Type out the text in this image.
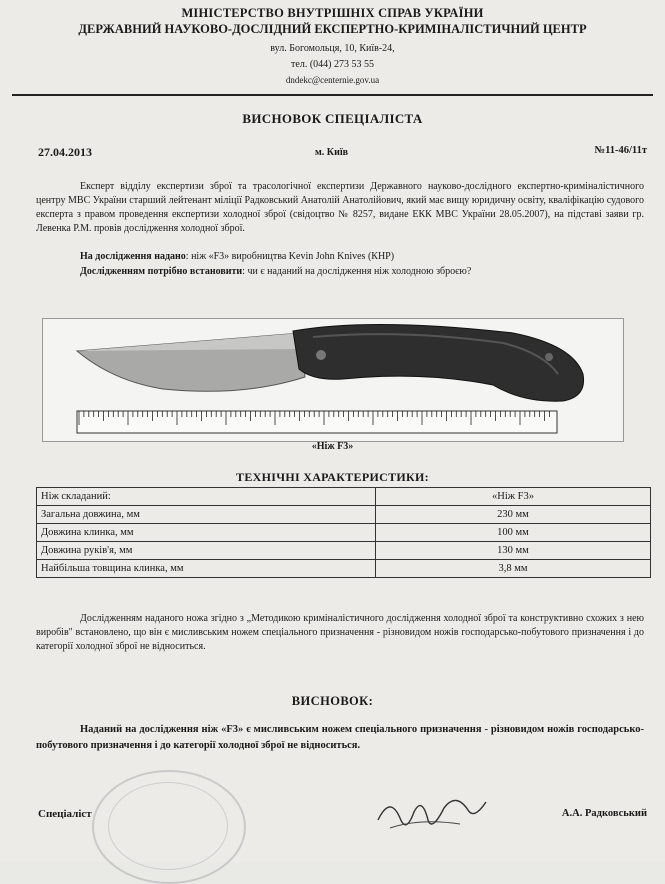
МІНІСТЕРСТВО ВНУТРІШНІХ СПРАВ УКРАЇНИ
ДЕРЖАВНИЙ НАУКОВО-ДОСЛІДНИЙ ЕКСПЕРТНО-КРИМІНАЛІСТИЧНИЙ ЦЕНТР
вул. Богомольця, 10, Київ-24,
тел. (044) 273 53 55
dndekc@centernie.gov.ua
ВИСНОВОК СПЕЦІАЛІСТА
27.04.2013	м. Київ	№11-46/11т
Експерт відділу експертизи зброї та трасологічної експертизи Державного науково-дослідного експертно-криміналістичного центру МВС України старший лейтенант міліції Радковський Анатолій Анатолійович, який має вищу юридичну освіту, кваліфікацію судового експерта з правом проведення експертизи холодної зброї (свідоцтво № 8257, видане ЕКК МВС України 28.05.2007), на підставі заяви гр. Левенка Р.М. провів дослідження холодної зброї.
На дослідження надано: ніж «F3» виробництва Kevin John Knives (КНР)
Дослідженням потрібно встановити: чи є наданий на дослідження ніж холодною зброєю?
«Ніж F3»
ТЕХНІЧНІ ХАРАКТЕРИСТИКИ:
Ніж складаний:	«Ніж F3»
Загальна довжина, мм	230 мм
Довжина клинка, мм	100 мм
Довжина руків'я, мм	130 мм
Найбільша товщина клинка, мм	3,8 мм
Дослідженням наданого ножа згідно з „Методикою криміналістичного дослідження холодної зброї та конструктивно схожих з нею виробів" встановлено, що він є мисливським ножем спеціального призначення - різновидом ножів господарсько-побутового призначення і до категорії холодної зброї не відноситься.
ВИСНОВОК:
Наданий на дослідження ніж «F3» є мисливським ножем спеціального призначення - різновидом ножів господарсько-побутового призначення і до категорії холодної зброї не відноситься.
Спеціаліст	А.А. Радковський
